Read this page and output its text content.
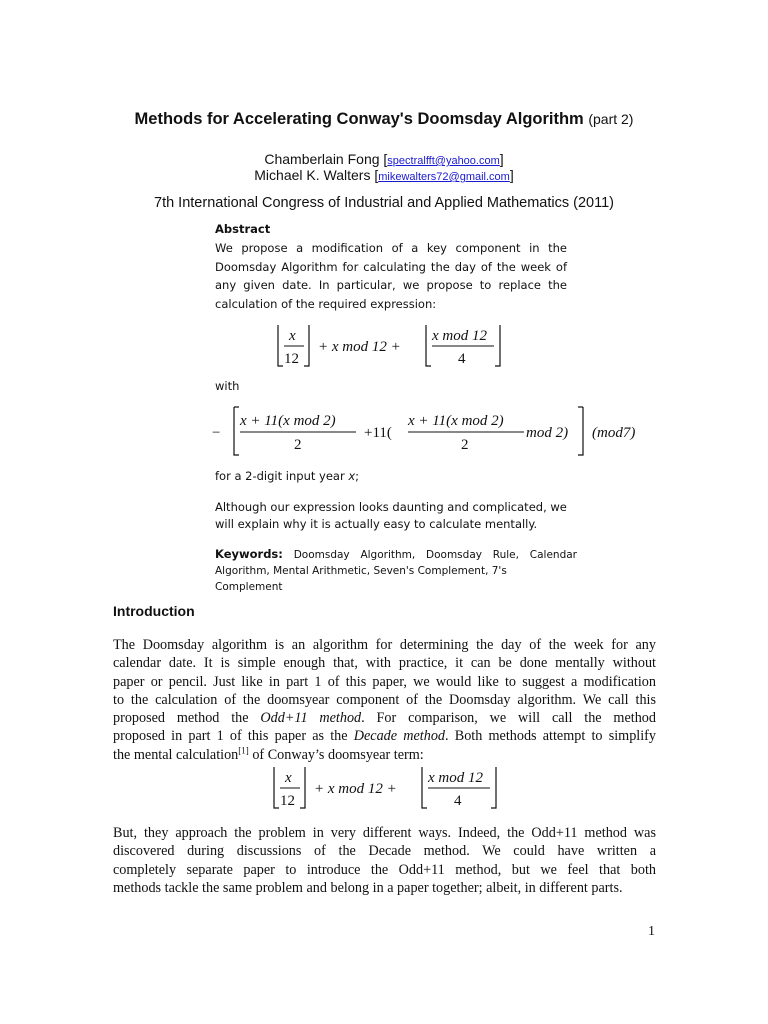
Methods for Accelerating Conway's Doomsday Algorithm (part 2)
Chamberlain Fong [spectralfft@yahoo.com]
Michael K. Walters [mikewalters72@gmail.com]
7th International Congress of Industrial and Applied Mathematics (2011)
Abstract
We propose a modification of a key component in the
Doomsday Algorithm for calculating the day of the week of
any given date. In particular, we propose to replace the
calculation of the required expression:
x
12
+ x mod 12 +
x mod 12
4
with
−
x + 11(x mod 2)
2
+11(
x + 11(x mod 2)
2
mod 2) (mod7)
for a 2-digit input year x;
Although our expression looks daunting and complicated, we
will explain why it is actually easy to calculate mentally.
Keywords: Doomsday Algorithm, Doomsday Rule, Calendar
Algorithm, Mental Arithmetic, Seven's Complement, 7's Complement
Introduction
The Doomsday algorithm is an algorithm for determining the day of the week for any
calendar date. It is simple enough that, with practice, it can be done mentally without
paper or pencil. Just like in part 1 of this paper, we would like to suggest a modification
to the calculation of the doomsyear component of the Doomsday algorithm. We call this
proposed method the Odd+11 method. For comparison, we will call the method
proposed in part 1 of this paper as the Decade method. Both methods attempt to simplify
the mental calculation[1] of Conway’s doomsyear term:
x
12
+ x mod 12 +
x mod 12
4
But, they approach the problem in very different ways. Indeed, the Odd+11 method was
discovered during discussions of the Decade method. We could have written a
completely separate paper to introduce the Odd+11 method, but we feel that both
methods tackle the same problem and belong in a paper together; albeit, in different parts.
1
